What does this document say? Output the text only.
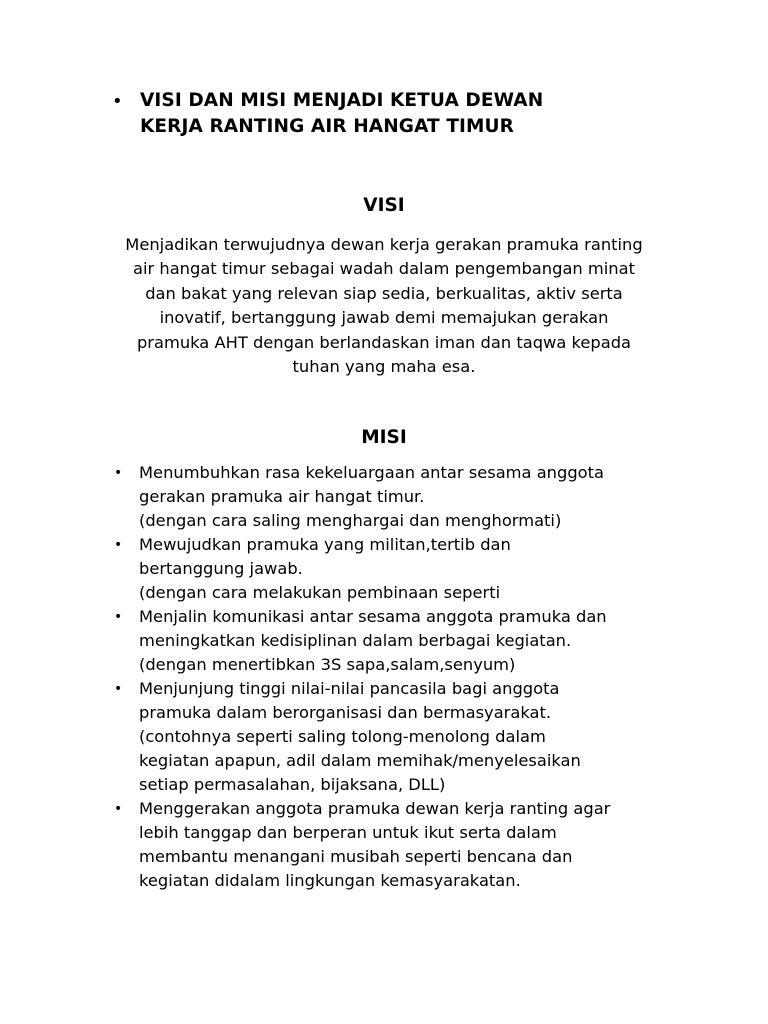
• VISI DAN MISI MENJADI KETUA DEWAN
KERJA RANTING AIR HANGAT TIMUR
VISI
Menjadikan terwujudnya dewan kerja gerakan pramuka ranting
air hangat timur sebagai wadah dalam pengembangan minat
dan bakat yang relevan siap sedia, berkualitas, aktiv serta
inovatif, bertanggung jawab demi memajukan gerakan
pramuka AHT dengan berlandaskan iman dan taqwa kepada
tuhan yang maha esa.
MISI
• Menumbuhkan rasa kekeluargaan antar sesama anggota
gerakan pramuka air hangat timur.
(dengan cara saling menghargai dan menghormati)
• Mewujudkan pramuka yang militan,tertib dan
bertanggung jawab.
(dengan cara melakukan pembinaan seperti
• Menjalin komunikasi antar sesama anggota pramuka dan
meningkatkan kedisiplinan dalam berbagai kegiatan.
(dengan menertibkan 3S sapa,salam,senyum)
• Menjunjung tinggi nilai-nilai pancasila bagi anggota
pramuka dalam berorganisasi dan bermasyarakat.
(contohnya seperti saling tolong-menolong dalam
kegiatan apapun, adil dalam memihak/menyelesaikan
setiap permasalahan, bijaksana, DLL)
• Menggerakan anggota pramuka dewan kerja ranting agar
lebih tanggap dan berperan untuk ikut serta dalam
membantu menangani musibah seperti bencana dan
kegiatan didalam lingkungan kemasyarakatan.
